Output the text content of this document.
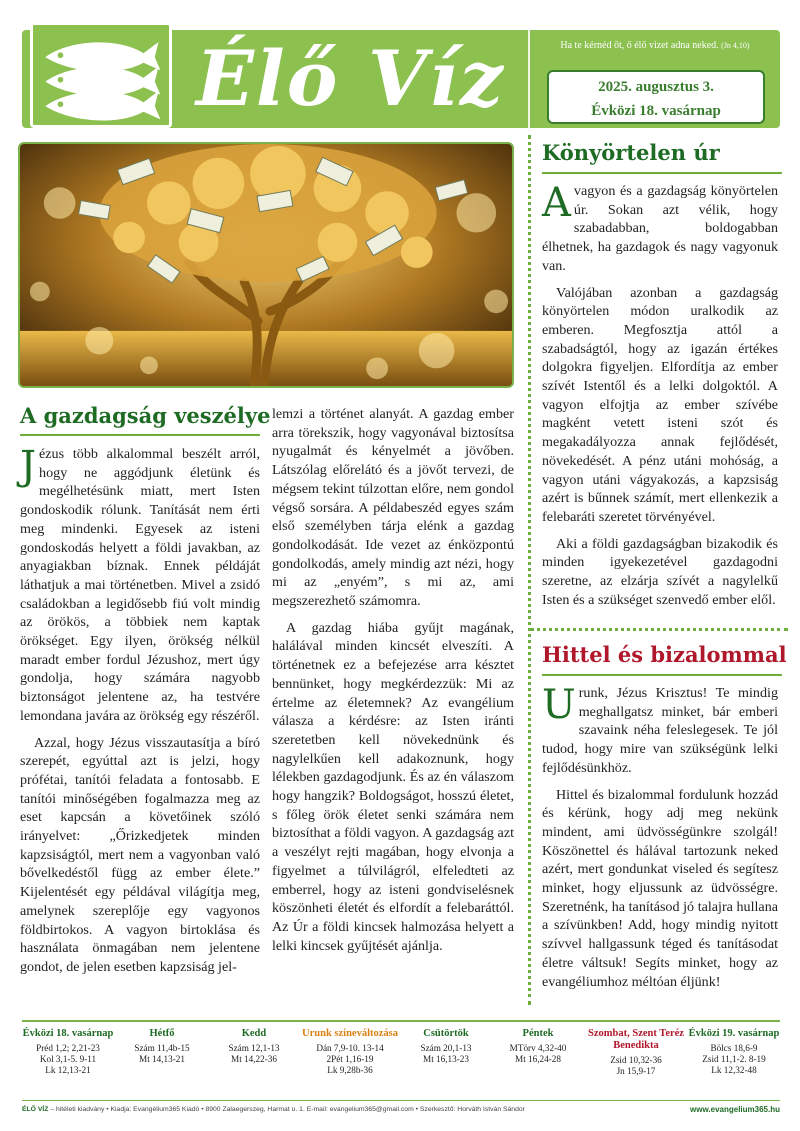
Élő Víz	Ha te kérnéd őt, ő élő vizet adna neked. (Jn 4,10)
2025. augusztus 3.
Évközi 18. vasárnap
A gazdagság veszélye

Jézus több alkalommal beszélt arról, hogy ne aggódjunk életünk és megélhetésünk miatt, mert Isten gondoskodik rólunk. Tanítását nem érti meg mindenki. Egyesek az isteni gondoskodás helyett a földi javakban, az anyagiakban bíznak. Ennek példáját láthatjuk a mai történetben. Mivel a zsidó családokban a legidősebb fiú volt mindig az örökös, a többiek nem kaptak örökséget. Egy ilyen, örökség nélkül maradt ember fordul Jézushoz, mert úgy gondolja, hogy számára nagyobb biztonságot jelentene az, ha testvére lemondana javára az örökség egy részéről.

Azzal, hogy Jézus visszautasítja a bíró szerepét, egyúttal azt is jelzi, hogy prófétai, tanítói feladata a fontosabb. E tanítói minőségében fogalmazza meg az eset kapcsán a követőinek szóló irányelvet: „Őrizkedjetek minden kapzsiságtól, mert nem a vagyonban való bővelkedéstől függ az ember élete.” Kijelentését egy példával világítja meg, amelynek szereplője egy vagyonos földbirtokos. A vagyon birtoklása és használata önmagában nem jelentene gondot, de jelen esetben kapzsiság jel-

lemzi a történet alanyát. A gazdag ember arra törekszik, hogy vagyonával biztosítsa nyugalmát és kényelmét a jövőben. Látszólag előrelátó és a jövőt tervezi, de mégsem tekint túlzottan előre, nem gondol végső sorsára. A példabeszéd egyes szám első személyben tárja elénk a gazdag gondolkodását. Ide vezet az énközpontú gondolkodás, amely mindig azt nézi, hogy mi az „enyém”, s mi az, ami megszerezhető számomra.

A gazdag hiába gyűjt magának, halálával minden kincsét elveszíti. A történetnek ez a befejezése arra késztet bennünket, hogy megkérdezzük: Mi az értelme az életemnek? Az evangélium válasza a kérdésre: az Isten iránti szeretetben kell növekednünk és nagylelkűen kell adakoznunk, hogy lélekben gazdagodjunk. És az én válaszom hogy hangzik? Boldogságot, hosszú életet, s főleg örök életet senki számára nem biztosíthat a földi vagyon. A gazdagság azt a veszélyt rejti magában, hogy elvonja a figyelmet a túlvilágról, elfeledteti az emberrel, hogy az isteni gondviselésnek köszönheti életét és elfordít a felebaráttól. Az Úr a földi kincsek halmozása helyett a lelki kincsek gyűjtését ajánlja.

Könyörtelen úr

A vagyon és a gazdagság könyörtelen úr. Sokan azt vélik, hogy szabadabban, boldogabban élhetnek, ha gazdagok és nagy vagyonuk van.

Valójában azonban a gazdagság könyörtelen módon uralkodik az emberen. Megfosztja attól a szabadságtól, hogy az igazán értékes dolgokra figyeljen. Elfordítja az ember szívét Istentől és a lelki dolgoktól. A vagyon elfojtja az ember szívébe magként vetett isteni szót és megakadályozza annak fejlődését, növekedését. A pénz utáni mohóság, a vagyon utáni vágyakozás, a kapzsiság azért is bűnnek számít, mert ellenkezik a felebaráti szeretet törvényével.

Aki a földi gazdagságban bizakodik és minden igyekezetével gazdagodni szeretne, az elzárja szívét a nagylelkű Isten és a szükséget szenvedő ember elől.

Hittel és bizalommal

Urunk, Jézus Krisztus! Te mindig meghallgatsz minket, bár emberi szavaink néha feleslegesek. Te jól tudod, hogy mire van szükségünk lelki fejlődésünkhöz.

Hittel és bizalommal fordulunk hozzád és kérünk, hogy adj meg nekünk mindent, ami üdvösségünkre szolgál! Köszönettel és hálával tartozunk neked azért, mert gondunkat viseled és segítesz minket, hogy eljussunk az üdvösségre. Szeretnénk, ha tanításod jó talajra hullana a szívünkben! Add, hogy mindig nyitott szívvel hallgassunk téged és tanításodat életre váltsuk! Segíts minket, hogy az evangéliumhoz méltóan éljünk!

Évközi 18. vasárnap
Préd 1,2; 2,21-23
Kol 3,1-5. 9-11
Lk 12,13-21
Hétfő
Szám 11,4b-15
Mt 14,13-21
Kedd
Szám 12,1-13
Mt 14,22-36
Urunk színeváltozása
Dán 7,9-10. 13-14
2Pét 1,16-19
Lk 9,28b-36
Csütörtök
Szám 20,1-13
Mt 16,13-23
Péntek
MTörv 4,32-40
Mt 16,24-28
Szombat, Szent Teréz Benedikta
Zsid 10,32-36
Jn 15,9-17
Évközi 19. vasárnap
Bölcs 18,6-9
Zsid 11,1-2. 8-19
Lk 12,32-48
ÉLŐ VÍZ – hitéleti kiadvány • Kiadja: Evangélium365 Kiadó • 8900 Zalaegerszeg, Harmat u. 1. E-mail: evangelium365@gmail.com • Szerkesztő: Horváth István Sándor	www.evangelium365.hu
